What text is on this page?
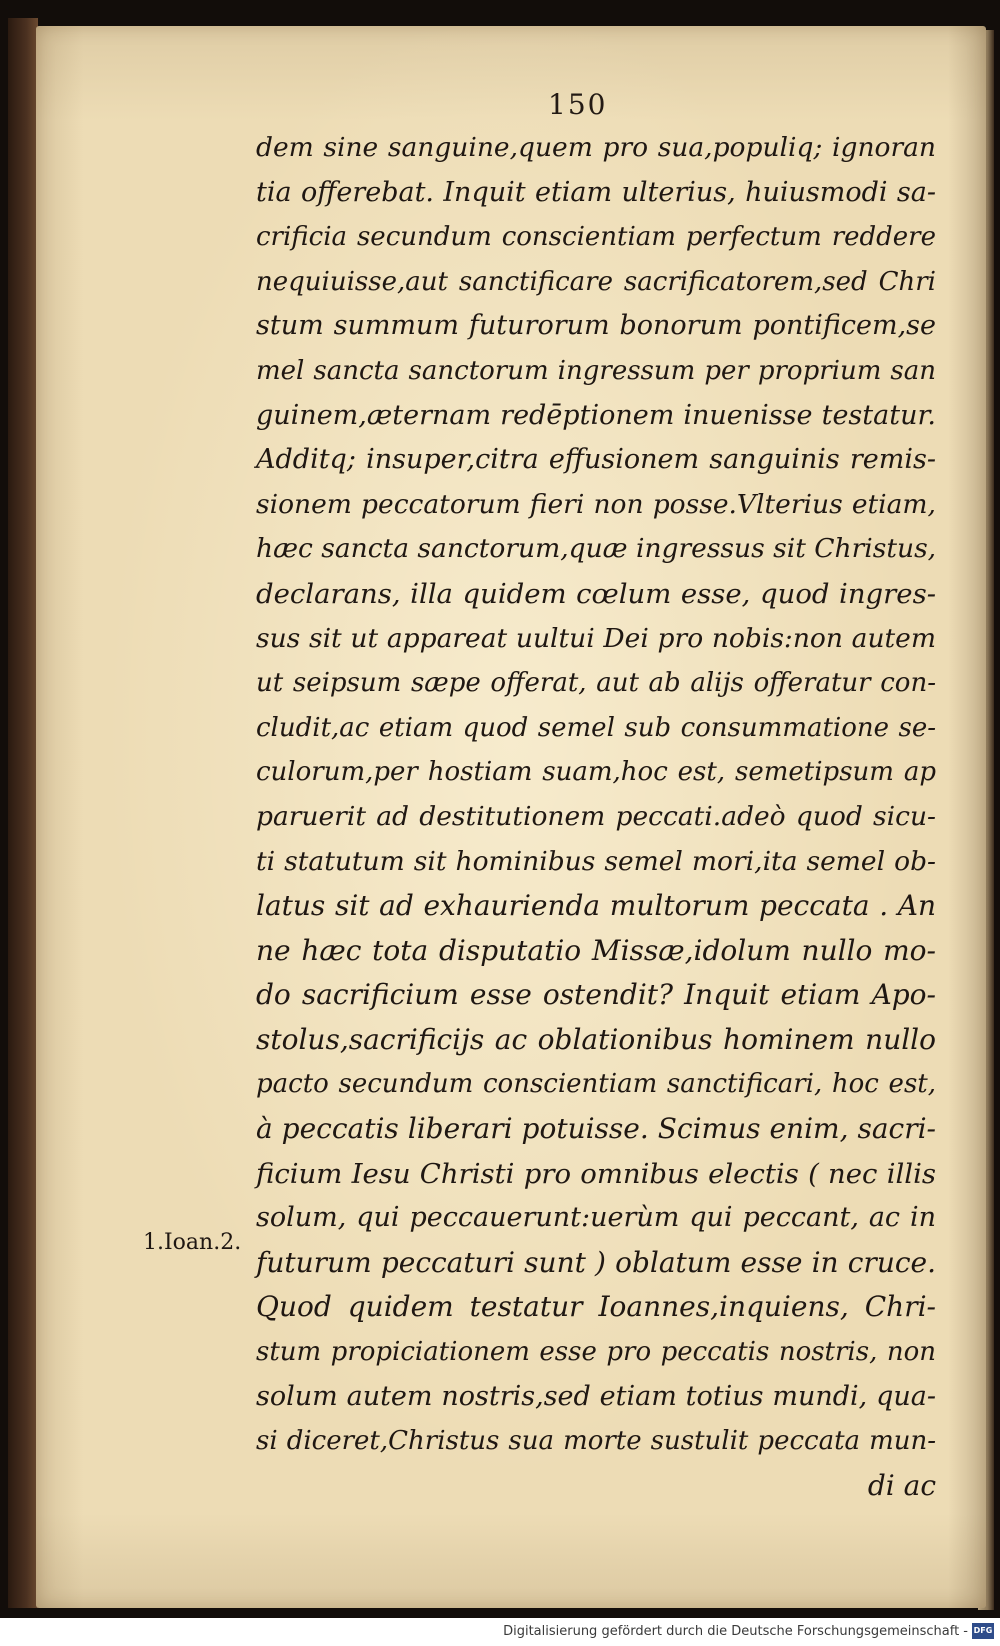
150
1.Ioan.2.
dem sine sanguine,quem pro sua,populiq; ignoran
tia offerebat. Inquit etiam ulterius, huiusmodi sa-
crificia secundum conscientiam perfectum reddere
nequiuisse,aut sanctificare sacrificatorem,sed Chri
stum summum futurorum bonorum pontificem,se
mel sancta sanctorum ingressum per proprium san
guinem,æternam redēptionem inuenisse testatur.
Additq; insuper,citra effusionem sanguinis remis-
sionem peccatorum fieri non posse.Vlterius etiam,
hæc sancta sanctorum,quæ ingressus sit Christus,
declarans, illa quidem cœlum esse, quod ingres-
sus sit ut appareat uultui Dei pro nobis:non autem
ut seipsum sæpe offerat, aut ab alijs offeratur con-
cludit,ac etiam quod semel sub consummatione se-
culorum,per hostiam suam,hoc est, semetipsum ap
paruerit ad destitutionem peccati.adeò quod sicu-
ti statutum sit hominibus semel mori,ita semel ob-
latus sit ad exhaurienda multorum peccata . An
ne hæc tota disputatio Missæ,idolum nullo mo-
do sacrificium esse ostendit? Inquit etiam Apo-
stolus,sacrificijs ac oblationibus hominem nullo
pacto secundum conscientiam sanctificari, hoc est,
à peccatis liberari potuisse. Scimus enim, sacri-
ficium Iesu Christi pro omnibus electis ( nec illis
solum, qui peccauerunt:uerùm qui peccant, ac in
futurum peccaturi sunt ) oblatum esse in cruce.
Quod quidem testatur Ioannes,inquiens, Chri-
stum propiciationem esse pro peccatis nostris, non
solum autem nostris,sed etiam totius mundi, qua-
si diceret,Christus sua morte sustulit peccata mun-
di ac
Digitalisierung gefördert durch die Deutsche Forschungsgemeinschaft - DFG
